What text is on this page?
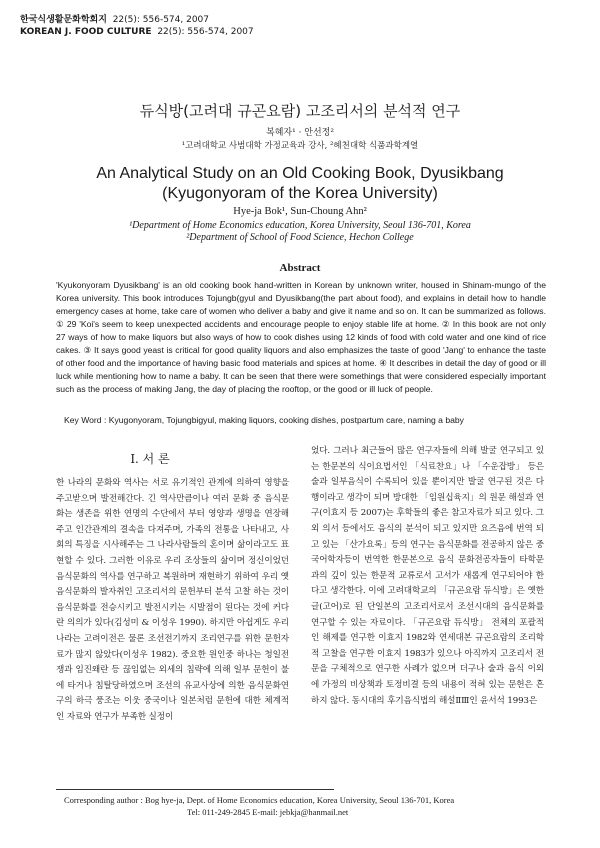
한국식생활문화학회지 22(5): 556-574, 2007
KOREAN J. FOOD CULTURE 22(5): 556-574, 2007
듀식방(고려대 규곤요람) 고조리서의 분석적 연구
복혜자¹ · 안선정²
¹고려대학교 사범대학 가정교육과 강사, ²혜천대학 식품과학계열
An Analytical Study on an Old Cooking Book, Dyusikbang
(Kyugonyoram of the Korea University)
Hye-ja Bok¹, Sun-Choung Ahn²
¹Department of Home Economics education, Korea University, Seoul 136-701, Korea
²Department of School of Food Science, Hechon College
Abstract
'Kyukonyoram Dyusikbang' is an old cooking book hand-written in Korean by unknown writer, housed in Shinam-mungo of the Korea university. This book introduces Tojungb(gyul and Dyusikbang(the part about food), and explains in detail how to handle emergency cases at home, take care of women who deliver a baby and give it name and so on. It can be summarized as follows. ① 29 'Koi's seem to keep unexpected accidents and encourage people to enjoy stable life at home. ② In this book are not only 27 ways of how to make liquors but also ways of how to cook dishes using 12 kinds of food with cold water and one kind of rice cakes. ③ It says good yeast is critical for good quality liquors and also emphasizes the taste of good 'Jang' to enhance the taste of other food and the importance of having basic food materials and spices at home. ④ It describes in detail the day of good or ill luck while mentioning how to name a baby. It can be seen that there were somethings that were considered especially important such as the process of making Jang, the day of placing the rooftop, or the good or ill luck of people.
Key Word : Kyugonyoram, Tojungbigyul, making liquors, cooking dishes, postpartum care, naming a baby
I. 서 론
한 나라의 문화와 역사는 서로 유기적인 관계에 의하여 영향을 주고받으며 발전해간다. 긴 역사만큼이나 여러 문화 중 음식문화는 생존을 위한 연명의 수단에서 부터 영양과 생명을 연장해주고 인간관계의 결속을 다져주며, 가족의 전통을 나타내고, 사회의 특징을 시사해주는 그 나라사람들의 혼이며 삶이라고도 표현할 수 있다. 그러한 이유로 우리 조상들의 삶이며 정신이었던 음식문화의 역사를 연구하고 복원하며 재현하기 위하여 우리 옛 음식문화의 발자취인 고조리서의 문헌부터 분석 고찰 하는 것이 음식문화를 전승시키고 발전시키는 시발점이 된다는 것에 커다란 의의가 있다(김성미 & 이성우 1990). 하지만 아쉽게도 우리나라는 고려이전은 물론 조선전기까지 조리연구를 위한 문헌자료가 많지 않았다(이성우 1982). 중요한 원인중 하나는 청일전쟁과 임진왜란 등 끊임없는 외세의 침략에 의해 일부 문헌이 불에 타거나 침탈당하였으며 조선의 유교사상에 의한 음식문화연구의 하극 풍조는 이웃 중국이나 일본처럼 문헌에 대한 체계적인 자료와 연구가 부족한 실정이
었다. 그러나 최근들어 많은 연구자들에 의해 발굴 연구되고 있는 한문본의 식이요법서인 「식료찬요」나 「수운잡방」 등은 술과 일부음식이 수록되어 있을 뿐이지만 발굴 연구된 것은 다행이라고 생각이 되며 방대한 「임원십육지」의 원문 해설과 연구(이효지 등 2007)는 후학들의 좋은 참고자료가 되고 있다. 그외 의서 등에서도 음식의 분석이 되고 있지만 요즈음에 번역 되고 있는 「산가요록」등의 연구는 음식문화를 전공하지 않은 중국어학자등이 번역한 한문본으로 음식 문화전공자들이 타학문과의 깊이 있는 한문적 교류로서 고서가 새롭게 연구되어야 한다고 생각한다. 이에 고려대학교의 「규곤요람 듀식방」은 옛한글(고어)로 된 단일본의 고조리서로서 조선시대의 음식문화를 연구할 수 있는 자료이다. 「규곤요람 듀식방」 전체의 포괄적인 해제를 연구한 이효지 1982와 연세대본 규곤요람의 조리학적 고찰을 연구한 이효지 1983가 있으나 아직까지 고조리서 전문을 구체적으로 연구한 사례가 없으며 더구나 술과 음식 이외에 가정의 비상책과 토정비결 등의 내용이 적혀 있는 문헌은 흔하지 않다. 동시대의 후기음식법의 해설ⅡⅢ인 윤서석 1993은
Corresponding author : Bog hye-ja, Dept. of Home Economics education, Korea University, Seoul 136-701, Korea
Tel: 011-249-2845 E-mail: jebkja@hanmail.net
